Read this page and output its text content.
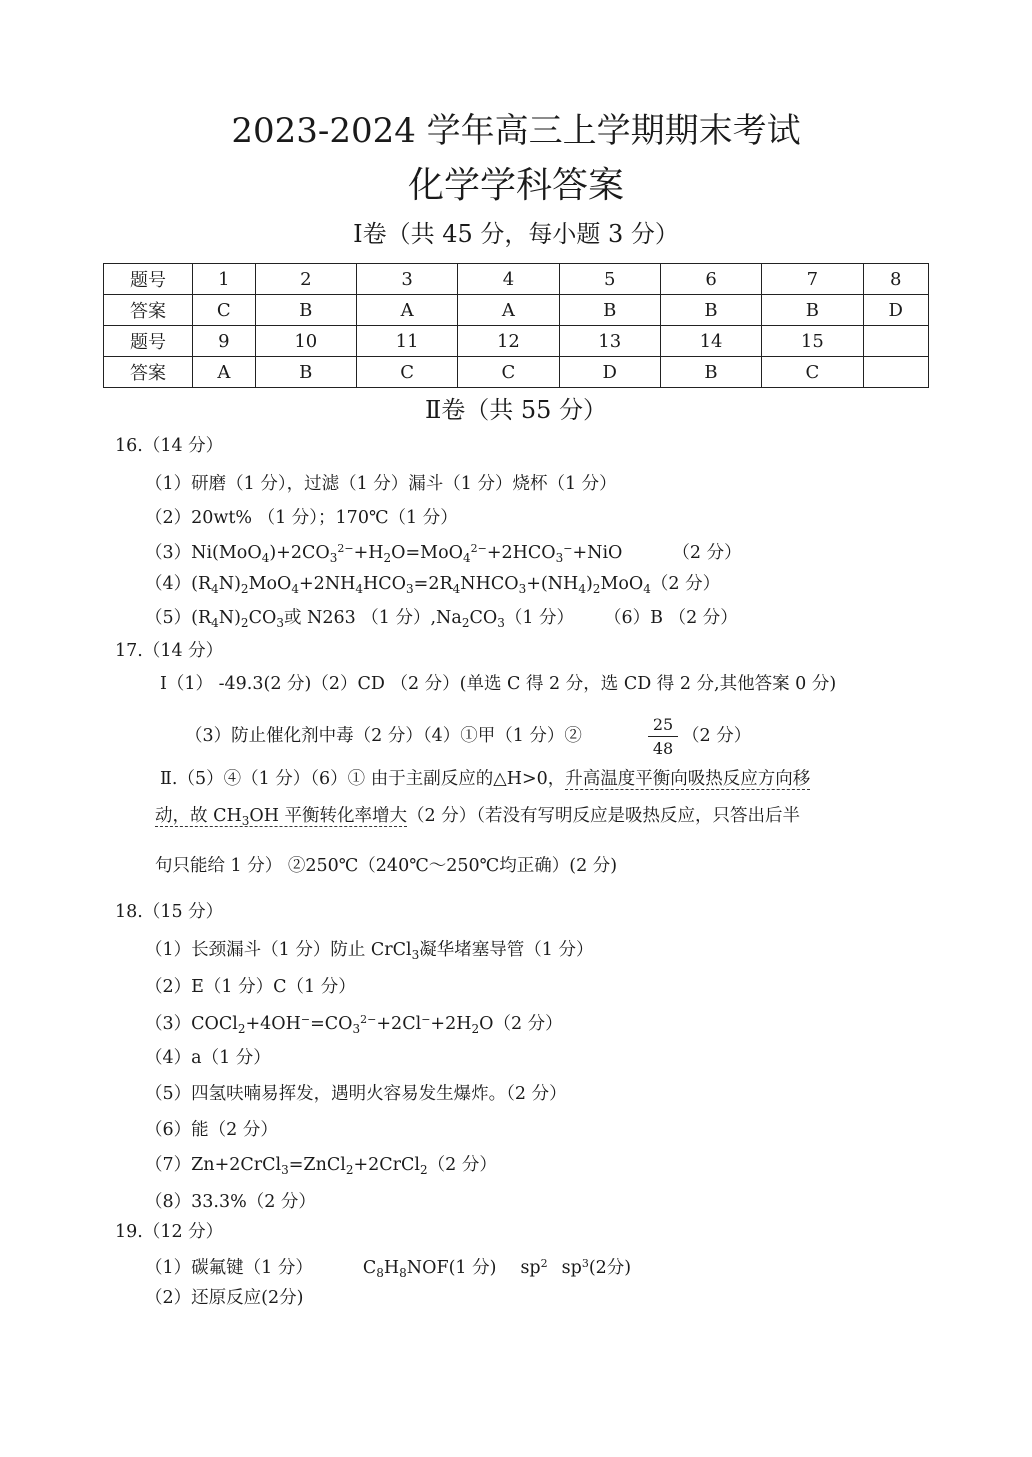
2023-2024 学年高三上学期期末考试
化学学科答案
I卷（共 45 分，每小题 3 分）
题号	1	2	3	4	5	6	7	8
答案	C	B	A	A	B	B	B	D
题号	9	10	11	12	13	14	15	
答案	A	B	C	C	D	B	C	
Ⅱ卷（共 55 分）
16.（14 分）
（1）研磨（1 分），过滤（1 分）漏斗（1 分）烧杯（1 分）
（2）20wt% （1 分）；170℃（1 分）
$(3)Ni(MoO_4)+2CO_3^{2-}+H_2O=MoO_4^{2-}+2HCO_3^-+NiO$	（2 分）
$(4)(R_4N)_2MoO_4+2NH_4HCO_3=2R_4NHCO_3+(NH_4)_2MoO_4(2$ 分）
$(5)(R_4N)_2CO_3$或 N263 （1 分）$,Na_2CO_3(1$ 分） （6）B （2 分）
17.（14 分）
Ⅰ（1） -49.3(2 分)（2）CD （2 分）(单选 C 得 2 分，选 CD 得 2 分,其他答案 0 分)
（3）防止催化剂中毒（2 分）（4）①甲（1 分）②	$\frac{25}{48} (2$ 分）
Ⅱ.（5）④（1 分）（6）① 由于主副反应的△H>0，升高温度平衡向吸热反应方向移
动，故 $CH_3OH$ 平衡转化率增大（2 分）（若没有写明反应是吸热反应，只答出后半
句只能给 1 分） ②250℃（240℃～250℃均正确）(2 分)
18.（15 分）
（1）长颈漏斗（1 分）防止 CrCl$_3$凝华堵塞导管（1 分）
（2）E（1 分）C（1 分）
$(3)COCl_2+4OH^-=CO_3^{2-}+2Cl^-+2H_2O(2$ 分）
（4）a（1 分）
（5）四氢呋喃易挥发，遇明火容易发生爆炸。（2 分）
（6）能（2 分）
（7）Zn+2CrCl$_3$=ZnCl$_2$+2CrCl$_2$（2 分）
（8）33.3%（2 分）
19.（12 分）
（1）碳氟键（1 分）	$C_8H_8NOF(1$ 分) $sp^2$ $sp^3(2$分)
（2）还原反应(2分)
